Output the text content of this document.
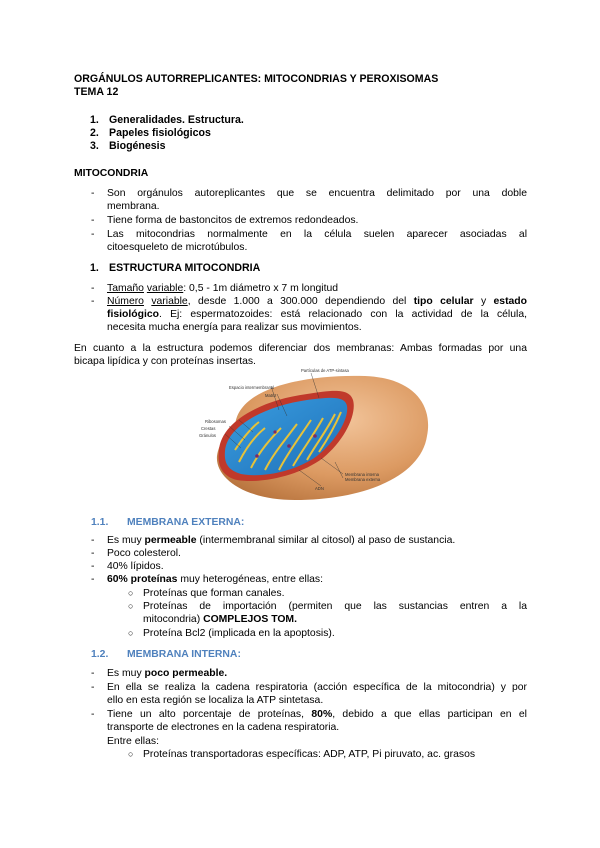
ORGÁNULOS AUTORREPLICANTES: MITOCONDRIAS Y PEROXISOMAS
TEMA 12
1. Generalidades. Estructura.
2. Papeles fisiológicos
3. Biogénesis
MITOCONDRIA
- Son orgánulos autoreplicantes que se encuentra delimitado por una doble
membrana.
- Tiene forma de bastoncitos de extremos redondeados.
- Las mitocondrias normalmente en la célula suelen aparecer asociadas al
citoesqueleto de microtúbulos.
1. ESTRUCTURA MITOCONDRIA
- Tamaño variable: 0,5 - 1m diámetro x 7 m longitud
- Número variable, desde 1.000 a 300.000 dependiendo del tipo celular y estado
fisiológico. Ej: espermatozoides: está relacionado con la actividad de la célula,
necesita mucha energía para realizar sus movimientos.
En cuanto a la estructura podemos diferenciar dos membranas: Ambas formadas por una
bicapa lipídica y con proteínas insertas.
Partículas de ATP-sintasa
Espacio intermembranal
Matriz
Ribosomas
Crestas
Gránulos
ADN
Membrana interna
Membrana externa
1.1. MEMBRANA EXTERNA:
- Es muy permeable (intermembranal similar al citosol) al paso de sustancia.
- Poco colesterol.
- 40% lípidos.
- 60% proteínas muy heterogéneas, entre ellas:
○ Proteínas que forman canales.
○ Proteínas de importación (permiten que las sustancias entren a la
mitocondria) COMPLEJOS TOM.
○ Proteína Bcl2 (implicada en la apoptosis).
1.2. MEMBRANA INTERNA:
- Es muy poco permeable.
- En ella se realiza la cadena respiratoria (acción específica de la mitocondria) y por
ello en esta región se localiza la ATP sintetasa.
- Tiene un alto porcentaje de proteínas, 80%, debido a que ellas participan en el
transporte de electrones en la cadena respiratoria.
Entre ellas:
○ Proteínas transportadoras específicas: ADP, ATP, Pi piruvato, ac. grasos
